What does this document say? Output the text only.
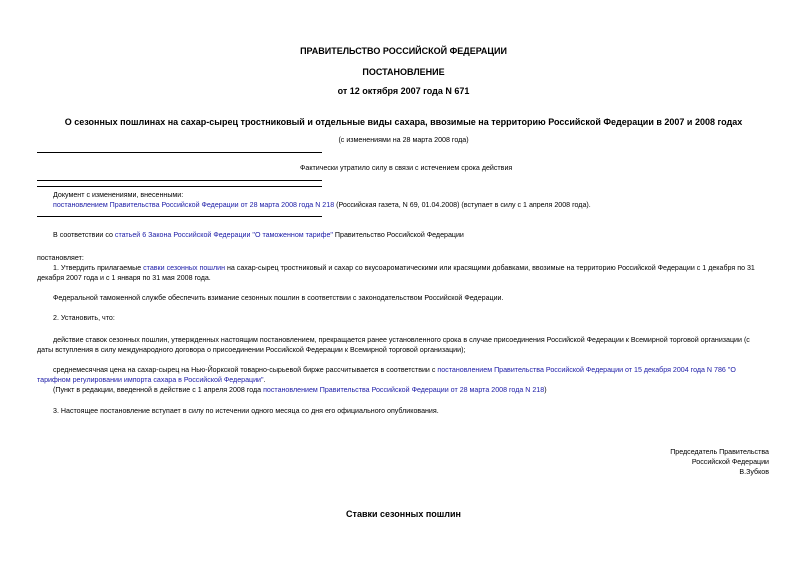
ПРАВИТЕЛЬСТВО РОССИЙСКОЙ ФЕДЕРАЦИИ
ПОСТАНОВЛЕНИЕ
от 12 октября 2007 года N 671
О сезонных пошлинах на сахар-сырец тростниковый и отдельные виды сахара, ввозимые на территорию Российской Федерации в 2007 и 2008 годах
(с изменениями на 28 марта 2008 года)
Фактически утратило силу в связи с истечением срока действия
Документ с изменениями, внесенными:
постановлением Правительства Российской Федерации от 28 марта 2008 года N 218 (Российская газета, N 69, 01.04.2008) (вступает в силу с 1 апреля 2008 года).
В соответствии со статьей 6 Закона Российской Федерации "О таможенном тарифе" Правительство Российской Федерации
постановляет:
1. Утвердить прилагаемые ставки сезонных пошлин на сахар-сырец тростниковый и сахар со вкусоароматическими или красящими добавками, ввозимые на территорию Российской Федерации с 1 декабря по 31
декабря 2007 года и с 1 января по 31 мая 2008 года.
Федеральной таможенной службе обеспечить взимание сезонных пошлин в соответствии с законодательством Российской Федерации.
2. Установить, что:
действие ставок сезонных пошлин, утвержденных настоящим постановлением, прекращается ранее установленного срока в случае присоединения Российской Федерации к Всемирной торговой организации (с
даты вступления в силу международного договора о присоединении Российской Федерации к Всемирной торговой организации);
среднемесячная цена на сахар-сырец на Нью-Йоркской товарно-сырьевой бирже рассчитывается в соответствии с постановлением Правительства Российской Федерации от 15 декабря 2004 года N 786 "О
тарифном регулировании импорта сахара в Российской Федерации".
(Пункт в редакции, введенной в действие с 1 апреля 2008 года постановлением Правительства Российской Федерации от 28 марта 2008 года N 218)
3. Настоящее постановление вступает в силу по истечении одного месяца со дня его официального опубликования.
Председатель Правительства
Российской Федерации
В.Зубков
Ставки сезонных пошлин
